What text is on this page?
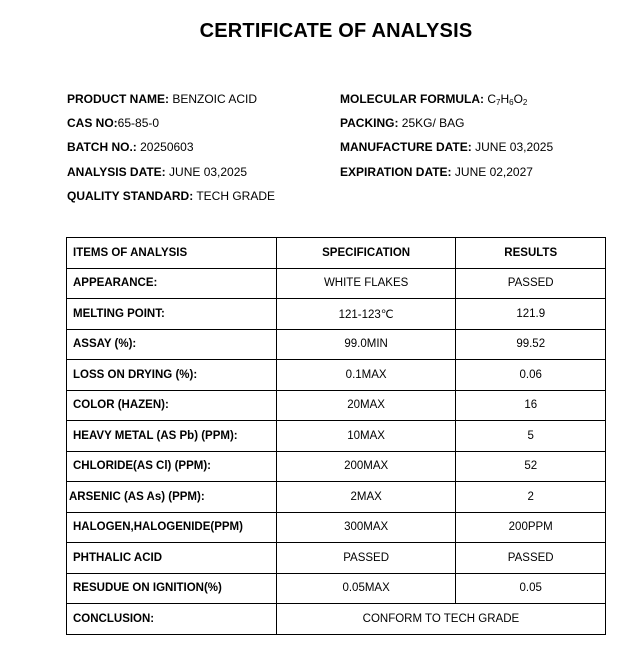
CERTIFICATE OF ANALYSIS
PRODUCT NAME: BENZOIC ACID
CAS NO:65-85-0
BATCH NO.: 20250603
ANALYSIS DATE: JUNE 03,2025
QUALITY STANDARD: TECH GRADE
MOLECULAR FORMULA: $C_7H_6O_2$
PACKING: 25KG/ BAG
MANUFACTURE DATE: JUNE 03,2025
EXPIRATION DATE: JUNE 02,2027
ITEMS OF ANALYSIS	SPECIFICATION	RESULTS
APPEARANCE:	WHITE FLAKES	PASSED
MELTING POINT:	121-123℃	121.9
ASSAY (%):	99.0MIN	99.52
LOSS ON DRYING (%):	0.1MAX	0.06
COLOR (HAZEN):	20MAX	16
HEAVY METAL (AS Pb) (PPM):	10MAX	5
CHLORIDE(AS Cl) (PPM):	200MAX	52
ARSENIC (AS As) (PPM):	2MAX	2
HALOGEN,HALOGENIDE(PPM)	300MAX	200PPM
PHTHALIC ACID	PASSED	PASSED
RESUDUE ON IGNITION(%)	0.05MAX	0.05
CONCLUSION:	CONFORM TO TECH GRADE	
